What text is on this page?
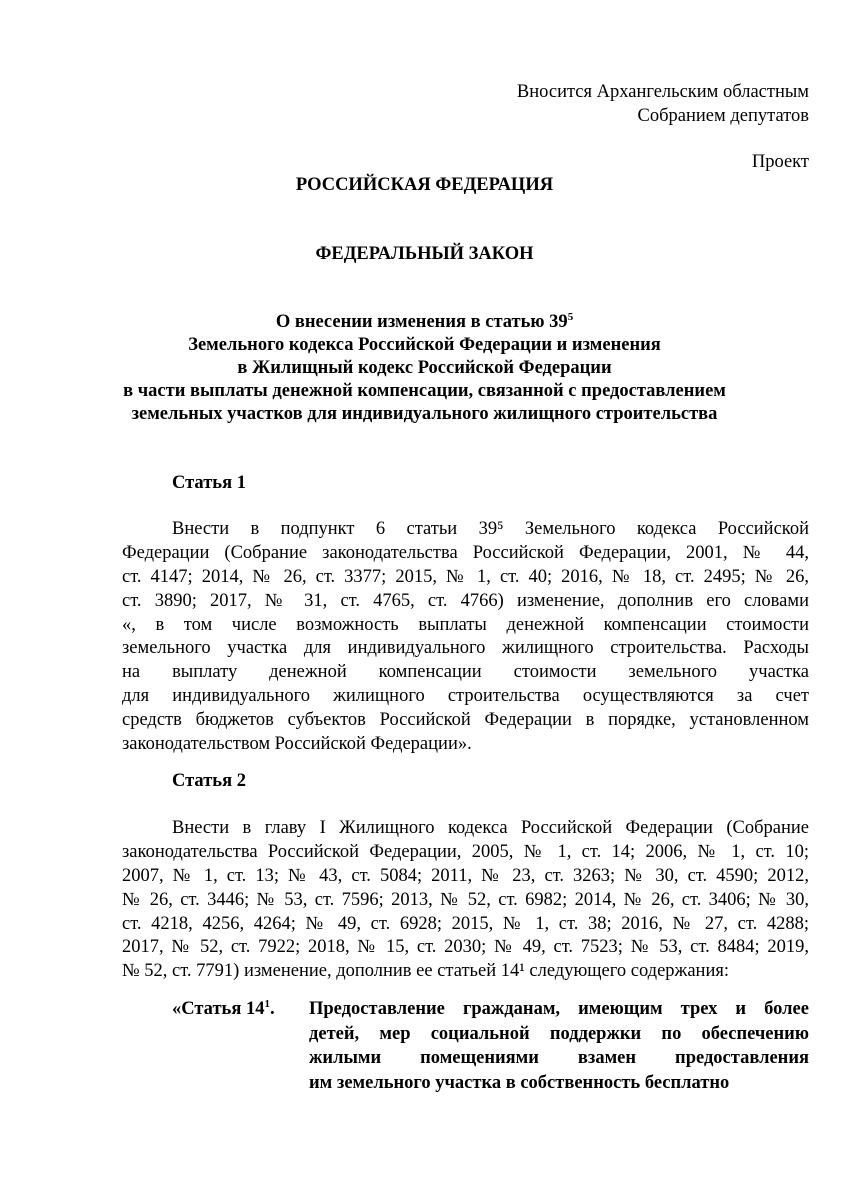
Вносится Архангельским областным
Собранием депутатов
Проект
РОССИЙСКАЯ ФЕДЕРАЦИЯ
ФЕДЕРАЛЬНЫЙ ЗАКОН
О внесении изменения в статью $39^5$
Земельного кодекса Российской Федерации и изменения
в Жилищный кодекс Российской Федерации
в части выплаты денежной компенсации, связанной с предоставлением
земельных участков для индивидуального жилищного строительства
Статья 1
Внести в подпункт 6 статьи 39⁵ Земельного кодекса Российской
Федерации (Собрание законодательства Российской Федерации, 2001, № 44,
ст. 4147; 2014, № 26, ст. 3377; 2015, № 1, ст. 40; 2016, № 18, ст. 2495; № 26,
ст. 3890; 2017, № 31, ст. 4765, ст. 4766) изменение, дополнив его словами
«, в том числе возможность выплаты денежной компенсации стоимости
земельного участка для индивидуального жилищного строительства. Расходы
на выплату денежной компенсации стоимости земельного участка
для индивидуального жилищного строительства осуществляются за счет
средств бюджетов субъектов Российской Федерации в порядке, установленном
законодательством Российской Федерации».
Статья 2
Внести в главу I Жилищного кодекса Российской Федерации (Собрание
законодательства Российской Федерации, 2005, № 1, ст. 14; 2006, № 1, ст. 10;
2007, № 1, ст. 13; № 43, ст. 5084; 2011, № 23, ст. 3263; № 30, ст. 4590; 2012,
№ 26, ст. 3446; № 53, ст. 7596; 2013, № 52, ст. 6982; 2014, № 26, ст. 3406; № 30,
ст. 4218, 4256, 4264; № 49, ст. 6928; 2015, № 1, ст. 38; 2016, № 27, ст. 4288;
2017, № 52, ст. 7922; 2018, № 15, ст. 2030; № 49, ст. 7523; № 53, ст. 8484; 2019,
№ 52, ст. 7791) изменение, дополнив ее статьей 14¹ следующего содержания:
«Статья $14^1$. Предоставление гражданам, имеющим трех и более
детей, мер социальной поддержки по обеспечению
жилыми помещениями взамен предоставления
им земельного участка в собственность бесплатно
